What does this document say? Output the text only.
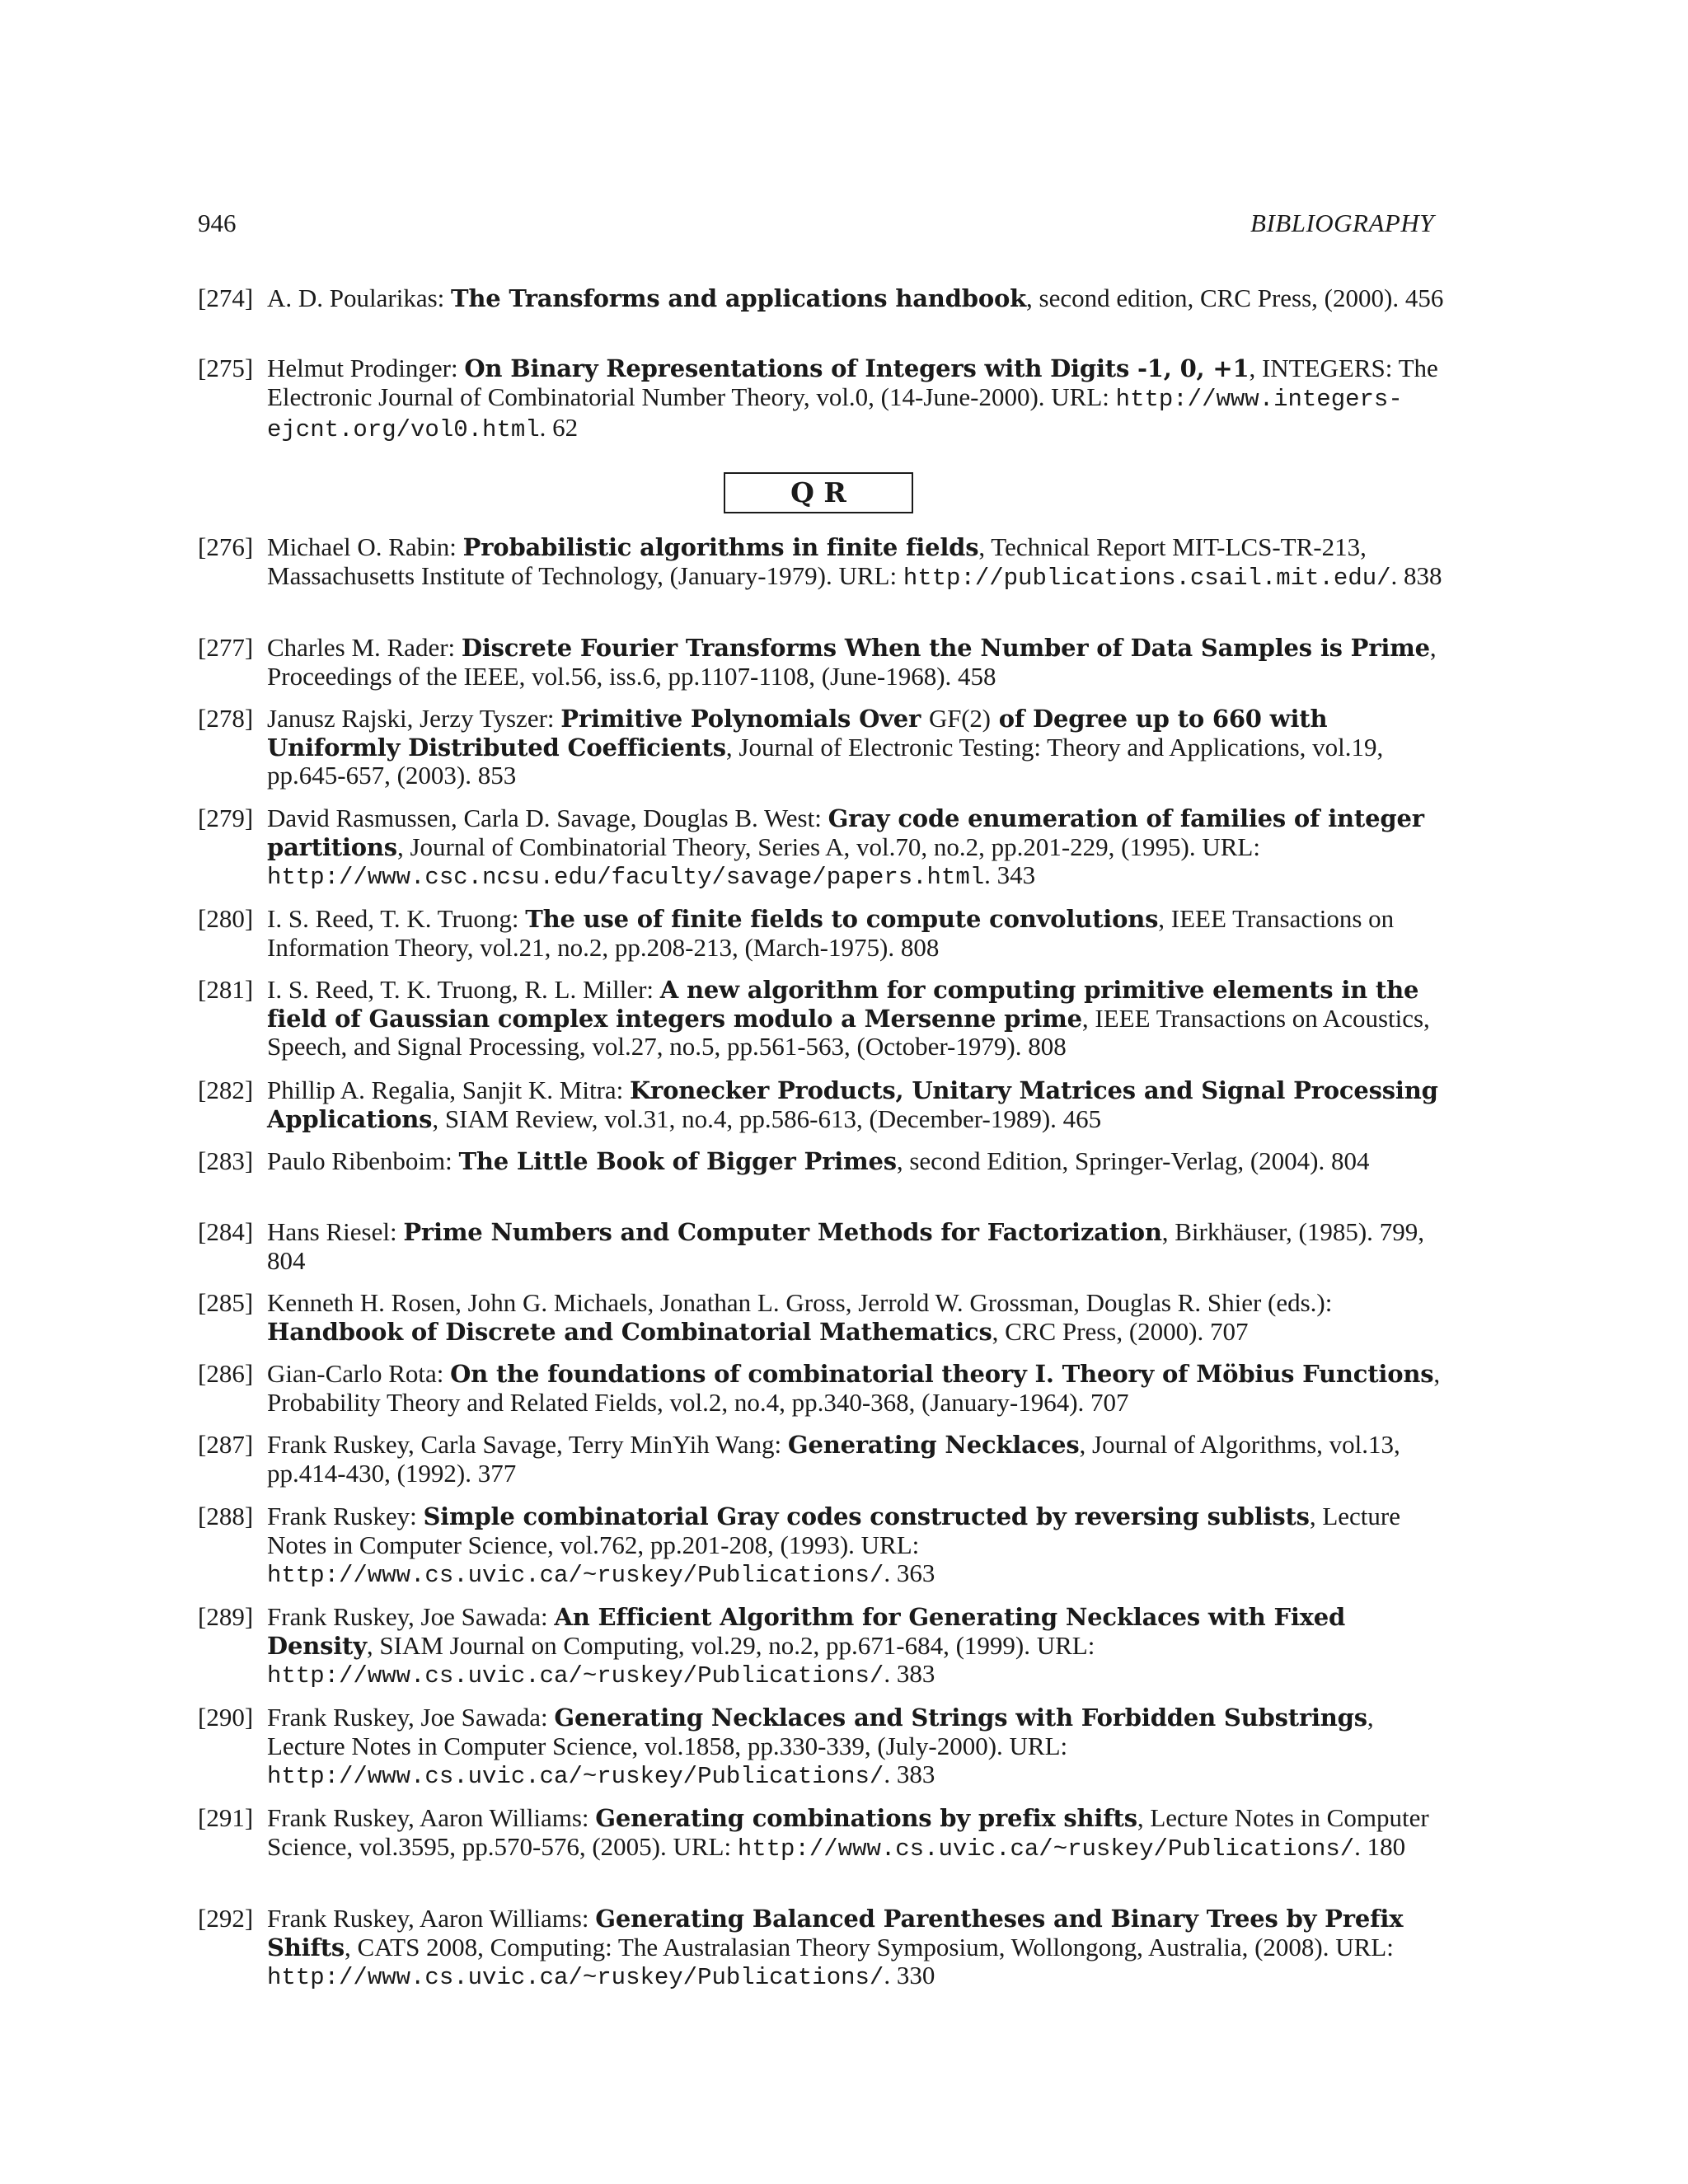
946	BIBLIOGRAPHY
Q R
[274] A. D. Poularikas: The Transforms and applications handbook, second edition, CRC Press, (2000). 456
[275] Helmut Prodinger: On Binary Representations of Integers with Digits -1, 0, +1, INTEGERS: The Electronic Journal of Combinatorial Number Theory, vol.0, (14-June-2000). URL: http://www.integers-ejcnt.org/vol0.html. 62
[276] Michael O. Rabin: Probabilistic algorithms in finite fields, Technical Report MIT-LCS-TR-213, Massachusetts Institute of Technology, (January-1979). URL: http://publications.csail.mit.edu/. 838
[277] Charles M. Rader: Discrete Fourier Transforms When the Number of Data Samples is Prime, Proceedings of the IEEE, vol.56, iss.6, pp.1107-1108, (June-1968). 458
[278] Janusz Rajski, Jerzy Tyszer: Primitive Polynomials Over GF(2) of Degree up to 660 with Uniformly Distributed Coefficients, Journal of Electronic Testing: Theory and Applications, vol.19, pp.645-657, (2003). 853
[279] David Rasmussen, Carla D. Savage, Douglas B. West: Gray code enumeration of families of integer partitions, Journal of Combinatorial Theory, Series A, vol.70, no.2, pp.201-229, (1995). URL: http://www.csc.ncsu.edu/faculty/savage/papers.html. 343
[280] I. S. Reed, T. K. Truong: The use of finite fields to compute convolutions, IEEE Transactions on Information Theory, vol.21, no.2, pp.208-213, (March-1975). 808
[281] I. S. Reed, T. K. Truong, R. L. Miller: A new algorithm for computing primitive elements in the field of Gaussian complex integers modulo a Mersenne prime, IEEE Transactions on Acoustics, Speech, and Signal Processing, vol.27, no.5, pp.561-563, (October-1979). 808
[282] Phillip A. Regalia, Sanjit K. Mitra: Kronecker Products, Unitary Matrices and Signal Processing Applications, SIAM Review, vol.31, no.4, pp.586-613, (December-1989). 465
[283] Paulo Ribenboim: The Little Book of Bigger Primes, second Edition, Springer-Verlag, (2004). 804
[284] Hans Riesel: Prime Numbers and Computer Methods for Factorization, Birkhäuser, (1985). 799, 804
[285] Kenneth H. Rosen, John G. Michaels, Jonathan L. Gross, Jerrold W. Grossman, Douglas R. Shier (eds.): Handbook of Discrete and Combinatorial Mathematics, CRC Press, (2000). 707
[286] Gian-Carlo Rota: On the foundations of combinatorial theory I. Theory of Möbius Functions, Probability Theory and Related Fields, vol.2, no.4, pp.340-368, (January-1964). 707
[287] Frank Ruskey, Carla Savage, Terry MinYih Wang: Generating Necklaces, Journal of Algorithms, vol.13, pp.414-430, (1992). 377
[288] Frank Ruskey: Simple combinatorial Gray codes constructed by reversing sublists, Lecture Notes in Computer Science, vol.762, pp.201-208, (1993). URL: http://www.cs.uvic.ca/~ruskey/Publications/. 363
[289] Frank Ruskey, Joe Sawada: An Efficient Algorithm for Generating Necklaces with Fixed Density, SIAM Journal on Computing, vol.29, no.2, pp.671-684, (1999). URL: http://www.cs.uvic.ca/~ruskey/Publications/. 383
[290] Frank Ruskey, Joe Sawada: Generating Necklaces and Strings with Forbidden Substrings, Lecture Notes in Computer Science, vol.1858, pp.330-339, (July-2000). URL: http://www.cs.uvic.ca/~ruskey/Publications/. 383
[291] Frank Ruskey, Aaron Williams: Generating combinations by prefix shifts, Lecture Notes in Computer Science, vol.3595, pp.570-576, (2005). URL: http://www.cs.uvic.ca/~ruskey/Publications/. 180
[292] Frank Ruskey, Aaron Williams: Generating Balanced Parentheses and Binary Trees by Prefix Shifts, CATS 2008, Computing: The Australasian Theory Symposium, Wollongong, Australia, (2008). URL: http://www.cs.uvic.ca/~ruskey/Publications/. 330
